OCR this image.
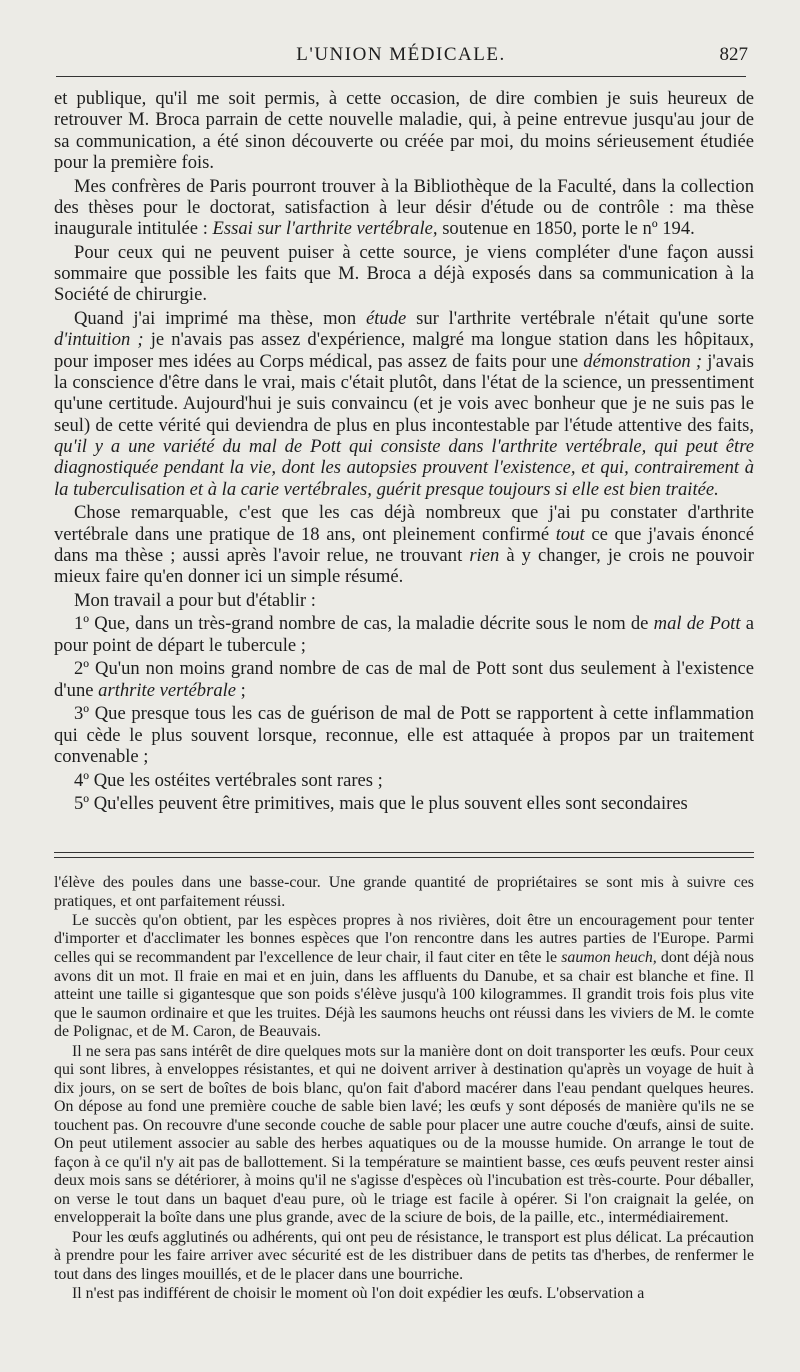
L'UNION MÉDICALE.	827

et publique, qu'il me soit permis, à cette occasion, de dire combien je suis heureux de retrouver M. Broca parrain de cette nouvelle maladie, qui, à peine entrevue jusqu'au jour de sa communication, a été sinon découverte ou créée par moi, du moins sérieusement étudiée pour la première fois.

Mes confrères de Paris pourront trouver à la Bibliothèque de la Faculté, dans la collection des thèses pour le doctorat, satisfaction à leur désir d'étude ou de contrôle : ma thèse inaugurale intitulée : Essai sur l'arthrite vertébrale, soutenue en 1850, porte le nº 194.

Pour ceux qui ne peuvent puiser à cette source, je viens compléter d'une façon aussi sommaire que possible les faits que M. Broca a déjà exposés dans sa communication à la Société de chirurgie.

Quand j'ai imprimé ma thèse, mon étude sur l'arthrite vertébrale n'était qu'une sorte d'intuition ; je n'avais pas assez d'expérience, malgré ma longue station dans les hôpitaux, pour imposer mes idées au Corps médical, pas assez de faits pour une démonstration ; j'avais la conscience d'être dans le vrai, mais c'était plutôt, dans l'état de la science, un pressentiment qu'une certitude. Aujourd'hui je suis convaincu (et je vois avec bonheur que je ne suis pas le seul) de cette vérité qui deviendra de plus en plus incontestable par l'étude attentive des faits, qu'il y a une variété du mal de Pott qui consiste dans l'arthrite vertébrale, qui peut être diagnostiquée pendant la vie, dont les autopsies prouvent l'existence, et qui, contrairement à la tuberculisation et à la carie vertébrales, guérit presque toujours si elle est bien traitée.

Chose remarquable, c'est que les cas déjà nombreux que j'ai pu constater d'arthrite vertébrale dans une pratique de 18 ans, ont pleinement confirmé tout ce que j'avais énoncé dans ma thèse ; aussi après l'avoir relue, ne trouvant rien à y changer, je crois ne pouvoir mieux faire qu'en donner ici un simple résumé.

Mon travail a pour but d'établir :

1º Que, dans un très-grand nombre de cas, la maladie décrite sous le nom de mal de Pott a pour point de départ le tubercule ;

2º Qu'un non moins grand nombre de cas de mal de Pott sont dus seulement à l'existence d'une arthrite vertébrale ;

3º Que presque tous les cas de guérison de mal de Pott se rapportent à cette inflammation qui cède le plus souvent lorsque, reconnue, elle est attaquée à propos par un traitement convenable ;

4º Que les ostéites vertébrales sont rares ;

5º Qu'elles peuvent être primitives, mais que le plus souvent elles sont secondaires

l'élève des poules dans une basse-cour. Une grande quantité de propriétaires se sont mis à suivre ces pratiques, et ont parfaitement réussi.

Le succès qu'on obtient, par les espèces propres à nos rivières, doit être un encouragement pour tenter d'importer et d'acclimater les bonnes espèces que l'on rencontre dans les autres parties de l'Europe. Parmi celles qui se recommandent par l'excellence de leur chair, il faut citer en tête le saumon heuch, dont déjà nous avons dit un mot. Il fraie en mai et en juin, dans les affluents du Danube, et sa chair est blanche et fine. Il atteint une taille si gigantesque que son poids s'élève jusqu'à 100 kilogrammes. Il grandit trois fois plus vite que le saumon ordinaire et que les truites. Déjà les saumons heuchs ont réussi dans les viviers de M. le comte de Polignac, et de M. Caron, de Beauvais.

Il ne sera pas sans intérêt de dire quelques mots sur la manière dont on doit transporter les œufs. Pour ceux qui sont libres, à enveloppes résistantes, et qui ne doivent arriver à destination qu'après un voyage de huit à dix jours, on se sert de boîtes de bois blanc, qu'on fait d'abord macérer dans l'eau pendant quelques heures. On dépose au fond une première couche de sable bien lavé; les œufs y sont déposés de manière qu'ils ne se touchent pas. On recouvre d'une seconde couche de sable pour placer une autre couche d'œufs, ainsi de suite. On peut utilement associer au sable des herbes aquatiques ou de la mousse humide. On arrange le tout de façon à ce qu'il n'y ait pas de ballottement. Si la température se maintient basse, ces œufs peuvent rester ainsi deux mois sans se détériorer, à moins qu'il ne s'agisse d'espèces où l'incubation est très-courte. Pour déballer, on verse le tout dans un baquet d'eau pure, où le triage est facile à opérer. Si l'on craignait la gelée, on envelopperait la boîte dans une plus grande, avec de la sciure de bois, de la paille, etc., intermédiairement.

Pour les œufs agglutinés ou adhérents, qui ont peu de résistance, le transport est plus délicat. La précaution à prendre pour les faire arriver avec sécurité est de les distribuer dans de petits tas d'herbes, de renfermer le tout dans des linges mouillés, et de le placer dans une bourriche.

Il n'est pas indifférent de choisir le moment où l'on doit expédier les œufs. L'observation a
